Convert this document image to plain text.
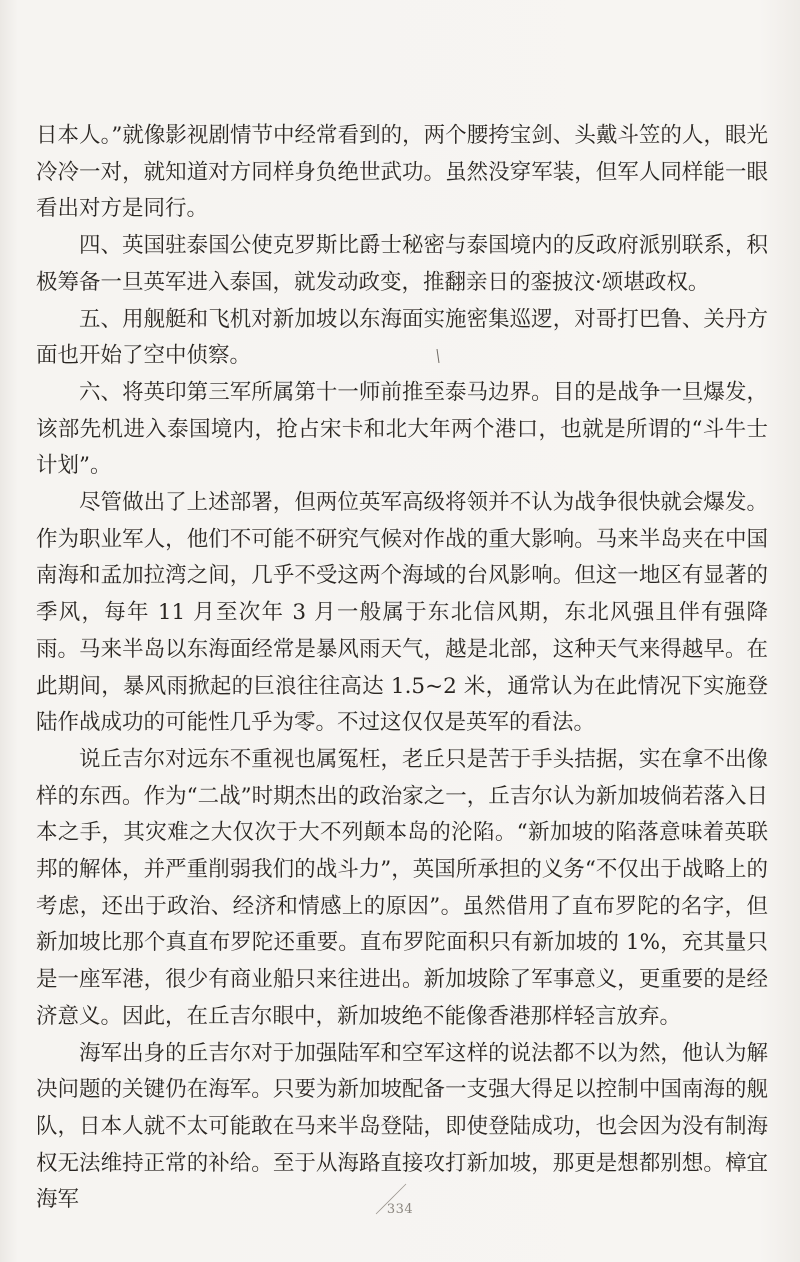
日本人。”就像影视剧情节中经常看到的，两个腰挎宝剑、头戴斗笠的人，眼光冷冷一对，就知道对方同样身负绝世武功。虽然没穿军装，但军人同样能一眼看出对方是同行。

四、英国驻泰国公使克罗斯比爵士秘密与泰国境内的反政府派别联系，积极筹备一旦英军进入泰国，就发动政变，推翻亲日的銮披汶·颂堪政权。

五、用舰艇和飞机对新加坡以东海面实施密集巡逻，对哥打巴鲁、关丹方面也开始了空中侦察。

六、将英印第三军所属第十一师前推至泰马边界。目的是战争一旦爆发，该部先机进入泰国境内，抢占宋卡和北大年两个港口，也就是所谓的“斗牛士计划”。

尽管做出了上述部署，但两位英军高级将领并不认为战争很快就会爆发。作为职业军人，他们不可能不研究气候对作战的重大影响。马来半岛夹在中国南海和孟加拉湾之间，几乎不受这两个海域的台风影响。但这一地区有显著的季风，每年 11 月至次年 3 月一般属于东北信风期，东北风强且伴有强降雨。马来半岛以东海面经常是暴风雨天气，越是北部，这种天气来得越早。在此期间，暴风雨掀起的巨浪往往高达 1.5~2 米，通常认为在此情况下实施登陆作战成功的可能性几乎为零。不过这仅仅是英军的看法。

说丘吉尔对远东不重视也属冤枉，老丘只是苦于手头拮据，实在拿不出像样的东西。作为“二战”时期杰出的政治家之一，丘吉尔认为新加坡倘若落入日本之手，其灾难之大仅次于大不列颠本岛的沦陷。“新加坡的陷落意味着英联邦的解体，并严重削弱我们的战斗力”，英国所承担的义务“不仅出于战略上的考虑，还出于政治、经济和情感上的原因”。虽然借用了直布罗陀的名字，但新加坡比那个真直布罗陀还重要。直布罗陀面积只有新加坡的 1%，充其量只是一座军港，很少有商业船只来往进出。新加坡除了军事意义，更重要的是经济意义。因此，在丘吉尔眼中，新加坡绝不能像香港那样轻言放弃。

海军出身的丘吉尔对于加强陆军和空军这样的说法都不以为然，他认为解决问题的关键仍在海军。只要为新加坡配备一支强大得足以控制中国南海的舰队，日本人就不太可能敢在马来半岛登陆，即使登陆成功，也会因为没有制海权无法维持正常的补给。至于从海路直接攻打新加坡，那更是想都别想。樟宜海军	334
